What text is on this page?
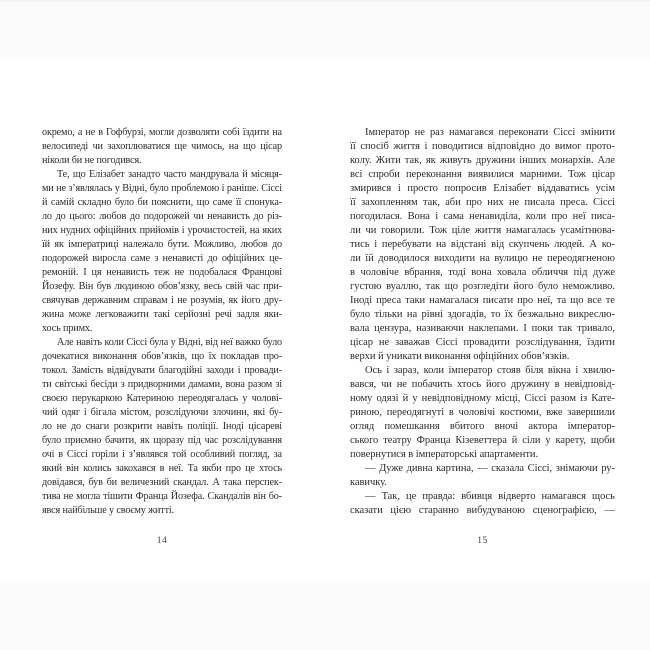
окремо, а не в Гофбурзі, могли дозволяти собі їздити на
велосипеді чи захоплюватися ще чимось, на що цісар
ніколи би не погодився.
Те, що Елізабет занадто часто мандрувала й місяця-
ми не з’являлась у Відні, було проблемою і раніше. Сіссі
й самій складно було би пояснити, що саме її спонука-
ло до цього: любов до подорожей чи ненависть до різ-
них нудних офіційних прийомів і урочистостей, на яких
їй як імператриці належало бути. Можливо, любов до
подорожей виросла саме з ненависті до офіційних це-
ремоній. І ця ненависть теж не подобалася Францові
Йозефу. Він був людиною обов’язку, весь свій час при-
свячував державним справам і не розумів, як його дру-
жина може легковажити такі серйозні речі задля яки-
хось примх.
Але навіть коли Сіссі була у Відні, від неї важко було
дочекатися виконання обов’язків, що їх покладав про-
токол. Замість відвідувати благодійні заходи і провади-
ти світські бесіди з придворними дамами, вона разом зі
своєю перукаркою Катериною переодягалась у чолові-
чий одяг і бігала містом, розслідуючи злочини, які бу-
ло не до снаги розкрити навіть поліції. Іноді цісареві
було приємно бачити, як щоразу під час розслідування
очі в Сіссі горіли і з’являвся той особливий погляд, за
який він колись закохався в неї. Та якби про це хтось
довідався, був би величезний скандал. А така перспек-
тива не могла тішити Франца Йозефа. Скандалів він бо-
явся найбільше у своєму житті.
14
Імператор не раз намагався переконати Сіссі змінити
її спосіб життя і поводитися відповідно до вимог прото-
колу. Жити так, як живуть дружини інших монархів. Але
всі спроби переконання виявилися марними. Тож цісар
змирився і просто попросив Елізабет віддаватись усім
її захопленням так, аби про них не писала преса. Сіссі
погодилася. Вона і сама ненавиділа, коли про неї писа-
ли чи говорили. Тож ціле життя намагалась усамітнюва-
тись і перебувати на відстані від скупчень людей. А ко-
ли їй доводилося виходити на вулицю не переодягненою
в чоловіче вбрання, тоді вона ховала обличчя під дуже
густою вуаллю, так що розгледіти його було неможливо.
Іноді преса таки намагалася писати про неї, та що все те
було тільки на рівні здогадів, то їх безжально викреслю-
вала цензура, називаючи наклепами. І поки так тривало,
цісар не заважав Сіссі провадити розслідування, їздити
верхи й уникати виконання офіційних обов’язків.
Ось і зараз, коли імператор стояв біля вікна і хвилю-
вався, чи не побачить хтось його дружину в невідповід-
ному одязі й у невідповідному місці, Сіссі разом із Кате-
риною, переодягнуті в чоловічі костюми, вже завершили
огляд помешкання вбитого вночі актора імператор-
ського театру Франца Кізеветтера й сіли у карету, щоби
повернутися в імператорські апартаменти.
— Дуже дивна картина, — сказала Сіссі, знімаючи ру-
кавичку.
— Так, це правда: вбивця відверто намагався щось
сказати цією старанно вибудуваною сценографією, —
15
